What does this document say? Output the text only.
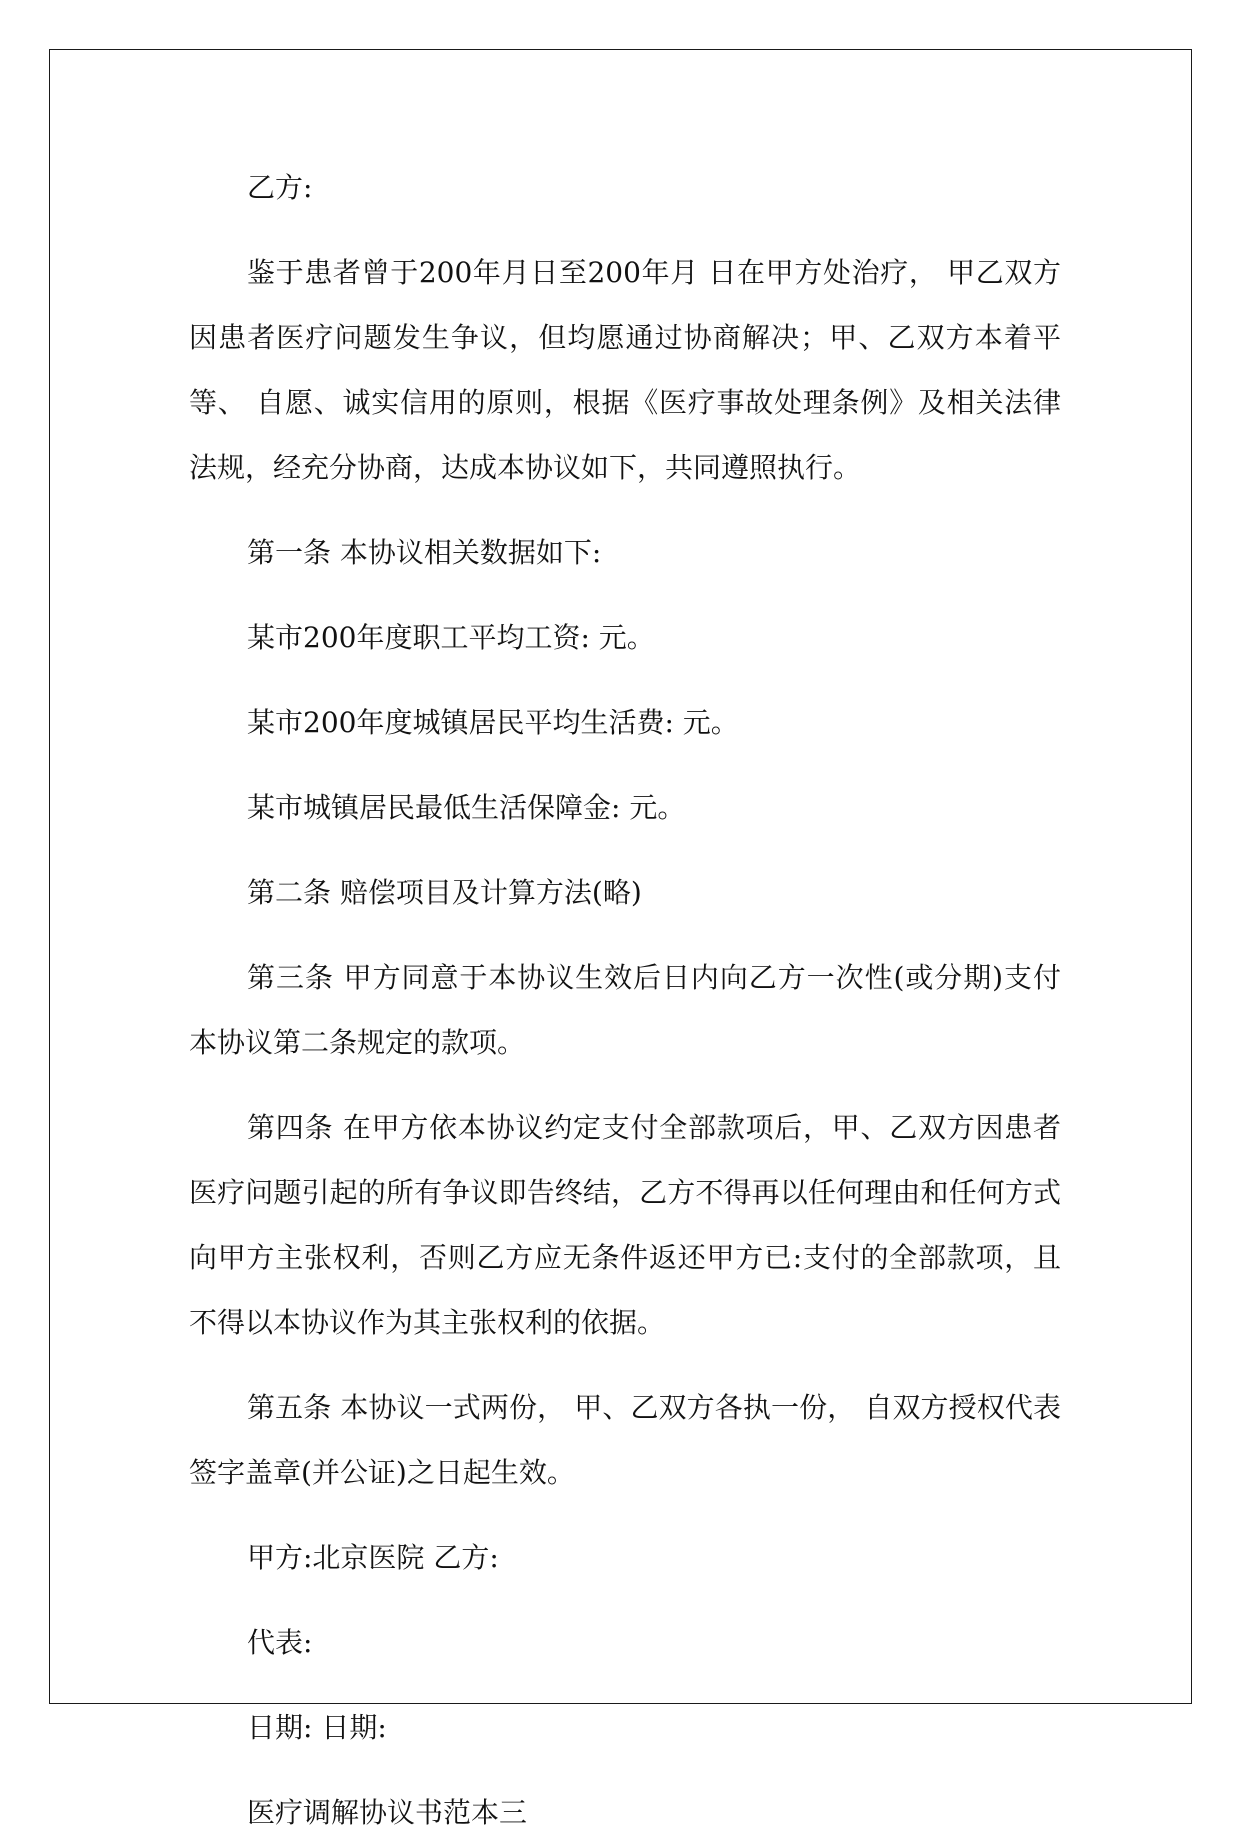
乙方:

鉴于患者曾于200年月日至200年月 日在甲方处治疗， 甲乙双方因患者医疗问题发生争议，但均愿通过协商解决；甲、乙双方本着平等、 自愿、诚实信用的原则，根据《医疗事故处理条例》及相关法律法规，经充分协商，达成本协议如下，共同遵照执行。

第一条 本协议相关数据如下:

某市200年度职工平均工资: 元。

某市200年度城镇居民平均生活费: 元。

某市城镇居民最低生活保障金: 元。

第二条 赔偿项目及计算方法(略)

第三条 甲方同意于本协议生效后日内向乙方一次性(或分期)支付本协议第二条规定的款项。

第四条 在甲方依本协议约定支付全部款项后，甲、乙双方因患者医疗问题引起的所有争议即告终结，乙方不得再以任何理由和任何方式向甲方主张权利，否则乙方应无条件返还甲方已:支付的全部款项，且不得以本协议作为其主张权利的依据。

第五条 本协议一式两份， 甲、乙双方各执一份， 自双方授权代表签字盖章(并公证)之日起生效。

甲方:北京医院 乙方:

代表:

日期: 日期:

医疗调解协议书范本三
